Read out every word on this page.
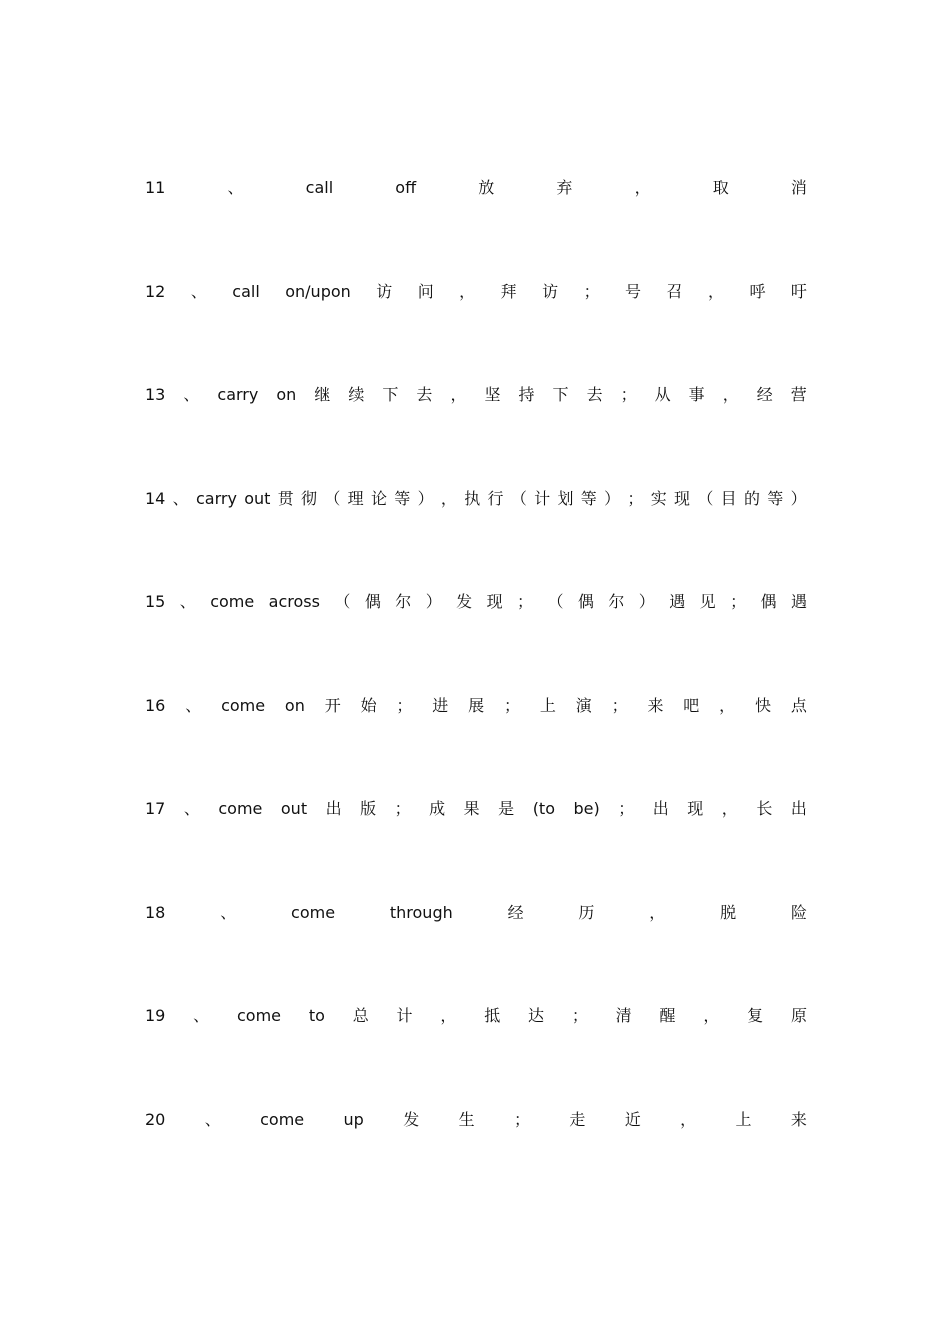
11	、	call	off	放	弃	，	取	消
12 、 call on/upon 访 问 ， 拜 访 ； 号 召 ， 呼 吁
13 、 carry on 继 续 下 去 ， 坚 持 下 去 ； 从 事 ， 经 营
14 、 carry out 贯 彻 （ 理 论 等 ） ， 执 行 （ 计 划 等 ） ； 实 现 （ 目 的 等 ）
15 、 come across （ 偶 尔 ） 发 现 ； （ 偶 尔 ） 遇 见 ； 偶 遇
16 、 come on 开 始 ； 进 展 ； 上 演 ； 来 吧 ， 快 点
17 、 come out 出 版 ； 成 果 是 (to be) ； 出 现 ， 长 出
18	、	come	through	经	历	，	脱	险
19 、 come to 总 计 ， 抵 达 ； 清 醒 ， 复 原
20 、 come up 发 生 ； 走 近 ， 上 来
